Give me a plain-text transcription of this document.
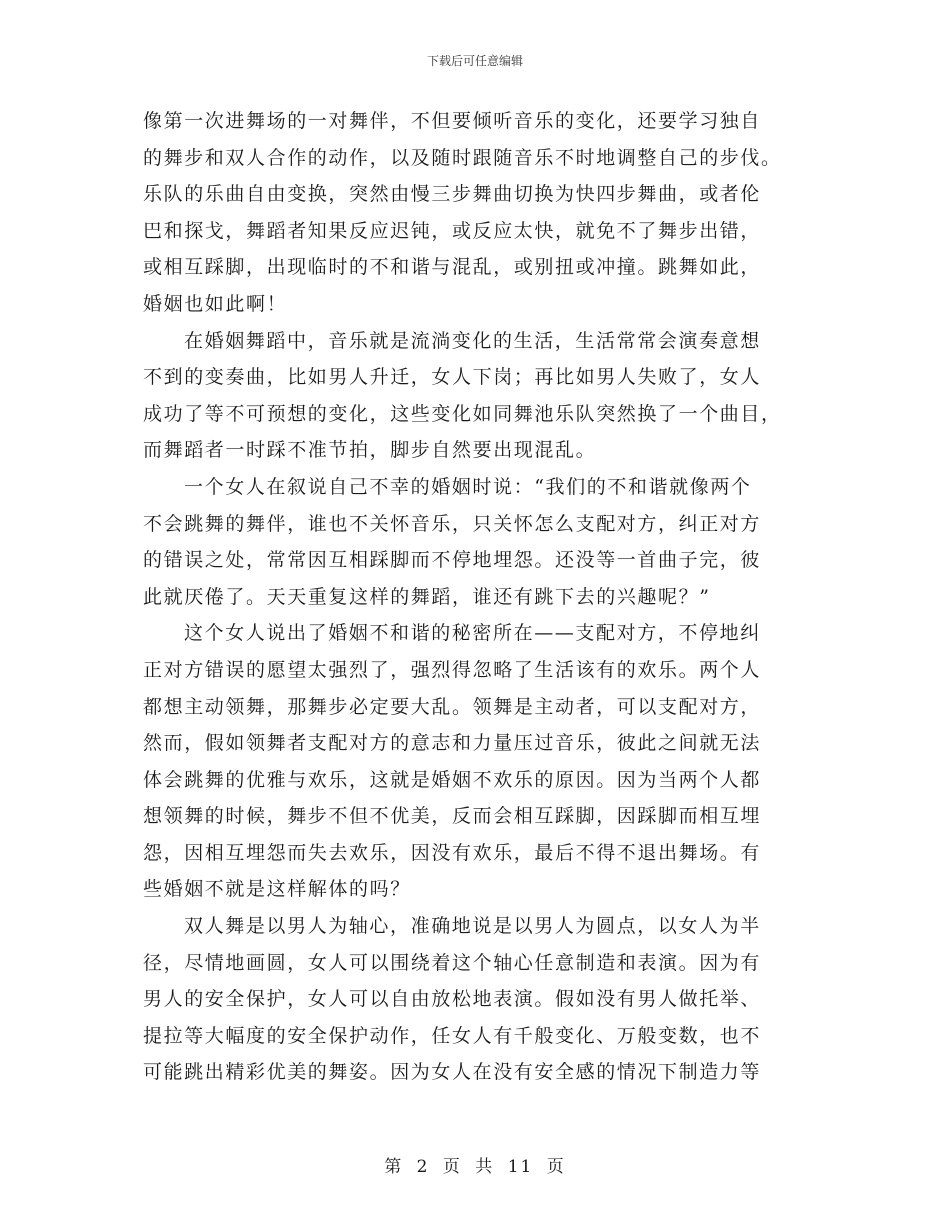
下载后可任意编辑
像第一次进舞场的一对舞伴，不但要倾听音乐的变化，还要学习独自
的舞步和双人合作的动作，以及随时跟随音乐不时地调整自己的步伐。
乐队的乐曲自由变换，突然由慢三步舞曲切换为快四步舞曲，或者伦
巴和探戈，舞蹈者知果反应迟钝，或反应太快，就免不了舞步出错，
或相互踩脚，出现临时的不和谐与混乱，或别扭或冲撞。跳舞如此，
婚姻也如此啊！
在婚姻舞蹈中，音乐就是流淌变化的生活，生活常常会演奏意想
不到的变奏曲，比如男人升迁，女人下岗；再比如男人失败了，女人
成功了等不可预想的变化，这些变化如同舞池乐队突然换了一个曲目，
而舞蹈者一时踩不准节拍，脚步自然要出现混乱。
一个女人在叙说自己不幸的婚姻时说：“我们的不和谐就像两个
不会跳舞的舞伴，谁也不关怀音乐，只关怀怎么支配对方，纠正对方
的错误之处，常常因互相踩脚而不停地埋怨。还没等一首曲子完，彼
此就厌倦了。天天重复这样的舞蹈，谁还有跳下去的兴趣呢？”
这个女人说出了婚姻不和谐的秘密所在——支配对方，不停地纠
正对方错误的愿望太强烈了，强烈得忽略了生活该有的欢乐。两个人
都想主动领舞，那舞步必定要大乱。领舞是主动者，可以支配对方，
然而，假如领舞者支配对方的意志和力量压过音乐，彼此之间就无法
体会跳舞的优雅与欢乐，这就是婚姻不欢乐的原因。因为当两个人都
想领舞的时候，舞步不但不优美，反而会相互踩脚，因踩脚而相互埋
怨，因相互埋怨而失去欢乐，因没有欢乐，最后不得不退出舞场。有
些婚姻不就是这样解体的吗？
双人舞是以男人为轴心，准确地说是以男人为圆点，以女人为半
径，尽情地画圆，女人可以围绕着这个轴心任意制造和表演。因为有
男人的安全保护，女人可以自由放松地表演。假如没有男人做托举、
提拉等大幅度的安全保护动作，任女人有千般变化、万般变数，也不
可能跳出精彩优美的舞姿。因为女人在没有安全感的情况下制造力等
第 2 页 共 11 页
